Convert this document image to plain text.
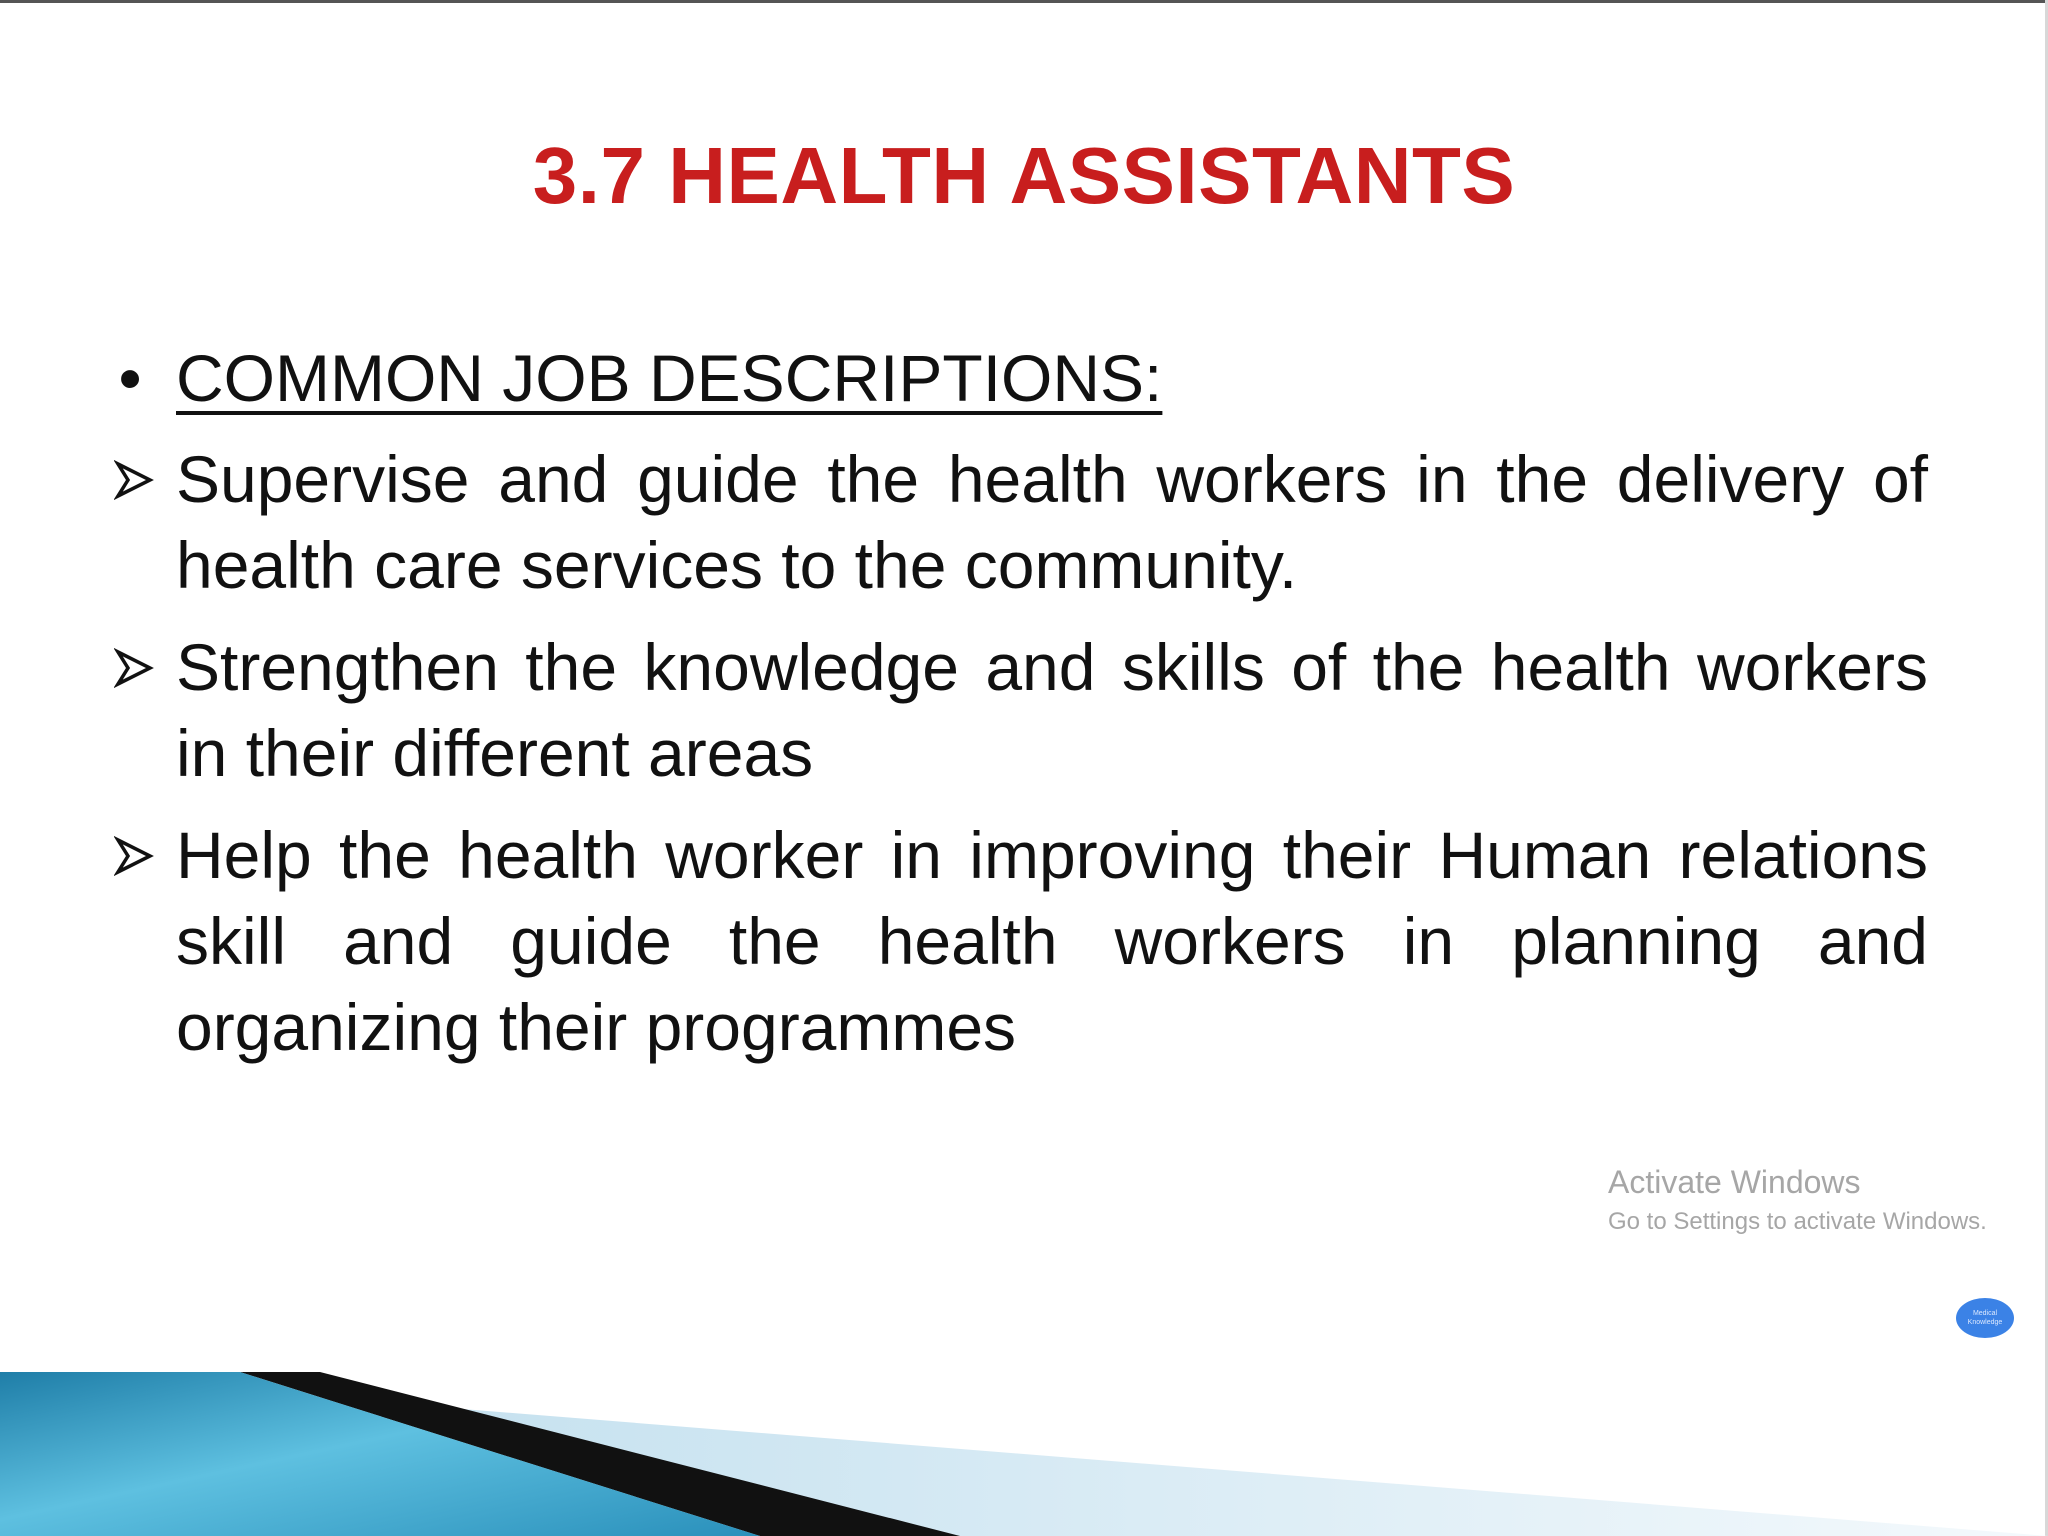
3.7 HEALTH ASSISTANTS
• COMMON JOB DESCRIPTIONS:
Supervise and guide the health workers in the delivery of health care services to the community.
Strengthen the knowledge and skills of the health workers in their different areas
Help the health worker in improving their Human relations skill and guide the health workers in planning and organizing their programmes
Activate Windows
Go to Settings to activate Windows.
Medical
Knowledge
